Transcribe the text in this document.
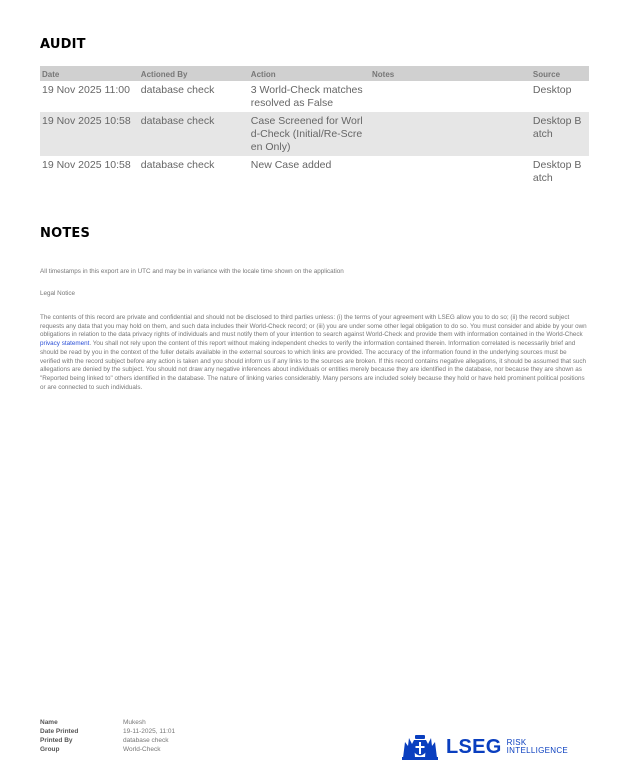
AUDIT
Date	Actioned By	Action	Notes	Source
19 Nov 2025 11:00	database check	3 World-Check matches resolved as False		Desktop
19 Nov 2025 10:58	database check	Case Screened for World-Check (Initial/Re-Screen Only)		Desktop Batch
19 Nov 2025 10:58	database check	New Case added		Desktop Batch
NOTES
All timestamps in this export are in UTC and may be in variance with the locale time shown on the application
Legal Notice
The contents of this record are private and confidential and should not be disclosed to third parties unless: (i) the terms of your agreement with LSEG allow you to do so; (ii) the record subject requests any data that you may hold on them, and such data includes their World-Check record; or (iii) you are under some other legal obligation to do so. You must consider and abide by your own obligations in relation to the data privacy rights of individuals and must notify them of your intention to search against World-Check and provide them with information contained in the World-Check privacy statement. You shall not rely upon the content of this report without making independent checks to verify the information contained therein. Information correlated is necessarily brief and should be read by you in the context of the fuller details available in the external sources to which links are provided. The accuracy of the information found in the underlying sources must be verified with the record subject before any action is taken and you should inform us if any links to the sources are broken. If this record contains negative allegations, it should be assumed that such allegations are denied by the subject. You should not draw any negative inferences about individuals or entities merely because they are identified in the database, nor because they are shown as "Reported being linked to" others identified in the database. The nature of linking varies considerably. Many persons are included solely because they hold or have held prominent political positions or are connected to such individuals.
Name	Mukesh
Date Printed	19-11-2025, 11:01
Printed By	database check
Group	World-Check	LSEG RISK
INTELLIGENCE
